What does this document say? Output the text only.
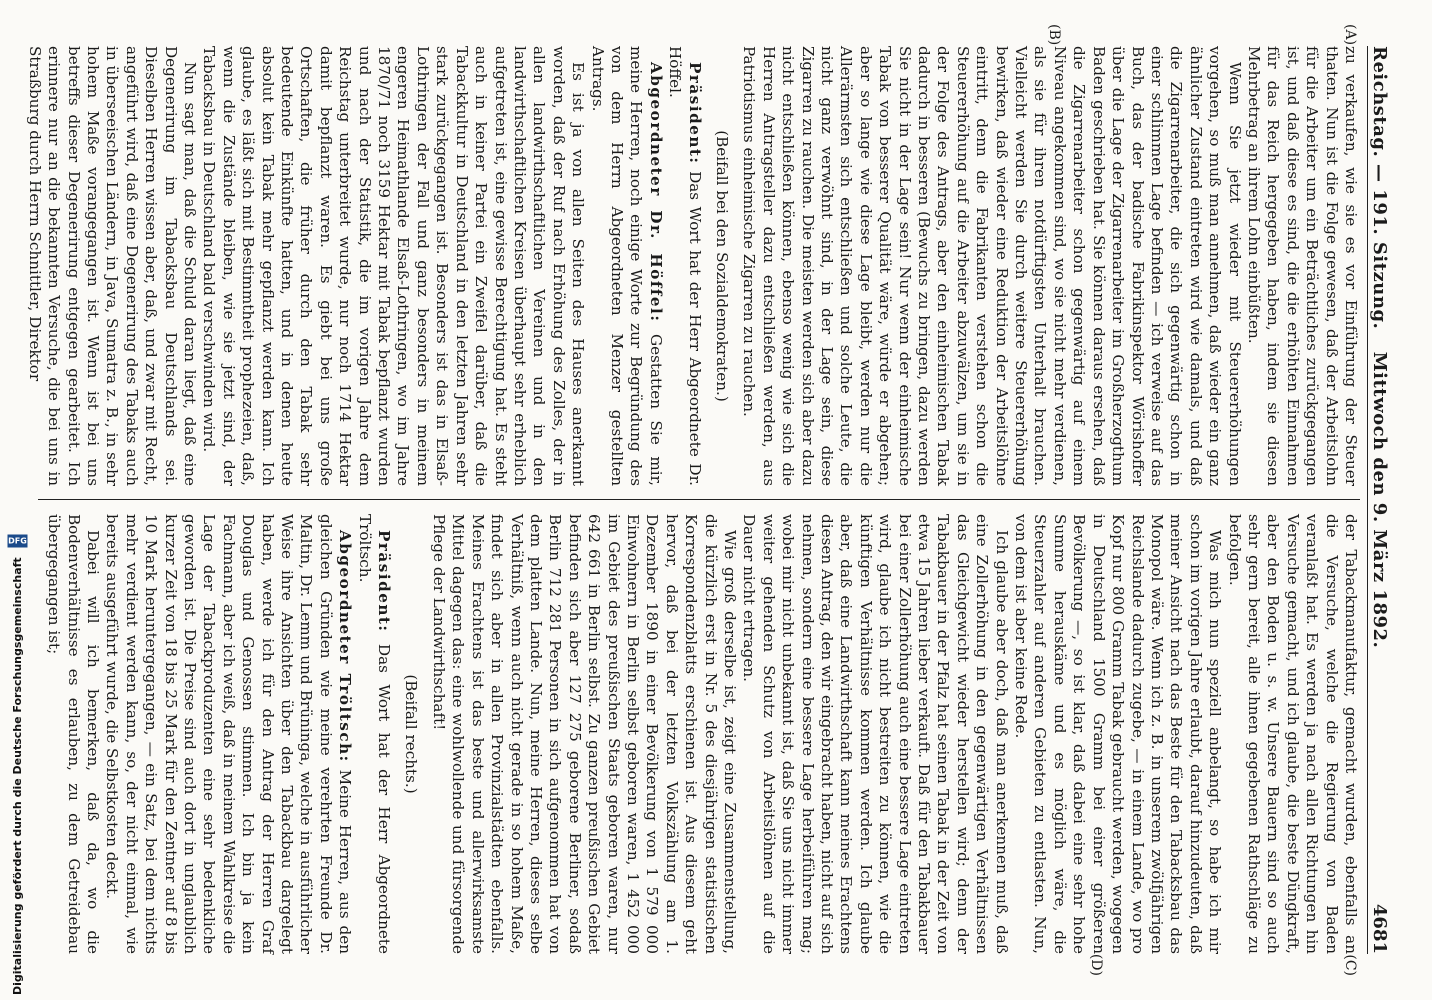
Reichstag. — 191. Sitzung.
Mittwoch den 9. März 1892.
4681
(A)
(B)
(C)
(D)

zu verkaufen, wie sie es vor Einführung der Steuer thaten. Nun ist die Folge gewesen, daß der Arbeitslohn für die Arbeiter um ein Beträchtliches zurückgegangen ist, und daß diese es sind, die die erhöhten Einnahmen für das Reich hergegeben haben, indem sie diesen Mehrbetrag an ihrem Lohn einbüßten.

Wenn Sie jetzt wieder mit Steuererhöhungen vorgehen, so muß man annehmen, daß wieder ein ganz ähnlicher Zustand eintreten wird wie damals, und daß die Zigarrenarbeiter, die sich gegenwärtig schon in einer schlimmen Lage befinden — ich verweise auf das Buch, das der badische Fabrikinspektor Wörishoffer über die Lage der Zigarrenarbeiter im Großherzogthum Baden geschrieben hat. Sie können daraus ersehen, daß die Zigarrenarbeiter schon gegenwärtig auf einem Niveau angekommen sind, wo sie nicht mehr verdienen, als sie für ihren notdürftigsten Unterhalt brauchen. Vielleicht werden Sie durch weitere Steuererhöhung bewirken, daß wieder eine Reduktion der Arbeitslöhne eintritt, denn die Fabrikanten verstehen schon die Steuererhöhung auf die Arbeiter abzuwälzen, um sie in der Folge des Antrags, aber den einheimischen Tabak dadurch in besseren (Bewuchs zu bringen, dazu werden Sie nicht in der Lage sein! Nur wenn der einheimische Tabak von besserer Qualität wäre, würde er abgehen; aber so lange wie diese Lage bleibt, werden nur die Allerärmsten sich entschließen und solche Leute, die nicht ganz verwöhnt sind, in der Lage sein, diese Zigarren zu rauchen. Die meisten werden sich aber dazu nicht entschließen können, ebenso wenig wie sich die Herren Antragsteller dazu entschließen werden, aus Patriotismus einheimische Zigarren zu rauchen.

(Beifall bei den Sozialdemokraten.)

Präsident: Das Wort hat der Herr Abgeordnete Dr. Höffel.

Abgeordneter Dr. Höffel: Gestatten Sie mir, meine Herren, noch einige Worte zur Begründung des von dem Herrn Abgeordneten Menzer gestellten Antrags.

Es ist ja von allen Seiten des Hauses anerkannt worden, daß der Ruf nach Erhöhung des Zolles, der in allen landwirthschaftlichen Vereinen und in den landwirthschaftlichen Kreisen überhaupt sehr erheblich aufgetreten ist, eine gewisse Berechtigung hat. Es steht auch in keiner Partei ein Zweifel darüber, daß die Tabackkultur in Deutschland in den letzten Jahren sehr stark zurückgegangen ist. Besonders ist das in Elsaß-Lothringen der Fall und ganz besonders in meinem engeren Heimathlande Elsaß-Lothringen, wo im Jahre 1870/71 noch 3159 Hektar mit Tabak bepflanzt wurden und nach der Statistik, die im vorigen Jahre dem Reichstag unterbreitet wurde, nur noch 1714 Hektar damit bepflanzt waren. Es giebt bei uns große Ortschaften, die früher durch den Tabak sehr bedeutende Einkünfte hatten, und in denen heute absolut kein Tabak mehr gepflanzt werden kann. Ich glaube, es läßt sich mit Bestimmtheit prophezeien, daß, wenn die Zustände bleiben, wie sie jetzt sind, der Tabacksbau in Deutschland bald verschwinden wird.

Nun sagt man, daß die Schuld daran liegt, daß eine Degenerirung im Tabacksbau Deutschlands sei. Dieselben Herren wissen aber, daß, und zwar mit Recht, angeführt wird, daß eine Degenerirung des Tabaks auch in überseeischen Ländern, in Java, Sumatra z. B., in sehr hohem Maße vorangegangen ist. Wenn ist bei uns betreffs dieser Degenerirung entgegen gearbeitet. Ich erinnere nur an die bekannten Versuche, die bei uns in Straßburg durch Herrn Schnittler, Direktor

der Tabackmanufaktur, gemacht wurden, ebenfalls an die Versuche, welche die Regierung von Baden veranlaßt hat. Es werden ja nach allen Richtungen hin Versuche gemacht, und ich glaube, die beste Düngkraft, aber den Boden u. s. w. Unsere Bauern sind so auch sehr gern bereit, alle ihnen gegebenen Rathschläge zu befolgen.

Was mich nun speziell anbelangt, so habe ich mir schon im vorigen Jahre erlaubt, darauf hinzudeuten, daß meiner Ansicht nach das Beste für den Tabacksbau das Monopol wäre. Wenn ich z. B. in unserem zwölfjährigen Reichslande dadurch zugebe, — in einem Lande, wo pro Kopf nur 800 Gramm Tabak gebraucht werden, wogegen in Deutschland 1500 Gramm bei einer größeren Bevölkerung —, so ist klar, daß dabei eine sehr hohe Summe herauskäme und es möglich wäre, die Steuerzahler auf anderen Gebieten zu entlasten. Nun, von dem ist aber keine Rede.

Ich glaube aber doch, daß man anerkennen muß, daß eine Zollerhöhung in den gegenwärtigen Verhältnissen das Gleichgewicht wieder herstellen wird; denn der Tabakbauer in der Pfalz hat seinen Tabak in der Zeit von etwa 15 Jahren lieber verkauft. Daß für den Tabakbauer bei einer Zollerhöhung auch eine bessere Lage eintreten wird, glaube ich nicht bestreiten zu können, wie die künftigen Verhältnisse kommen werden. Ich glaube aber, daß eine Landwirthschaft kann meines Erachtens diesen Antrag, den wir eingebracht haben, nicht auf sich nehmen, sondern eine bessere Lage herbeiführen mag; wobei mir nicht unbekannt ist, daß Sie uns nicht immer weiter gehenden Schutz von Arbeitslöhnen auf die Dauer nicht ertragen.

Wie groß derselbe ist, zeigt eine Zusammenstellung, die kürzlich erst in Nr. 5 des diesjährigen statistischen Korrespondenzblatts erschienen ist. Aus diesem geht hervor, daß bei der letzten Volkszählung am 1. Dezember 1890 in einer Bevölkerung von 1 579 000 Einwohnern in Berlin selbst geboren waren, 1 452 000 im Gebiet des preußischen Staats geboren waren, nur 642 661 in Berlin selbst. Zu ganzen preußischen Gebiet befinden sich aber 127 275 geborene Berliner, sodaß Berlin 712 281 Personen in sich aufgenommen hat von dem platten Lande. Nun, meine Herren, dieses selbe Verhältniß, wenn auch nicht gerade in so hohem Maße, findet sich aber in allen Provinzialstädten ebenfalls. Meines Erachtens ist das beste und allerwirksamste Mittel dagegen das: eine wohlwollende und fürsorgende Pflege der Landwirthschaft!

(Beifall rechts.)

Präsident: Das Wort hat der Herr Abgeordnete Tröltsch.

Abgeordneter Tröltsch: Meine Herren, aus den gleichen Gründen wie meine verehrten Freunde Dr. Maltin, Dr. Lemm und Brüninga, welche in ausführlicher Weise ihre Ansichten über den Tabackbau dargelegt haben, werde ich für den Antrag der Herren Graf Douglas und Genossen stimmen. Ich bin ja kein Fachmann, aber ich weiß, daß in meinem Wahlkreise die Lage der Tabackproduzenten eine sehr bedenkliche geworden ist. Die Preise sind auch dort in unglaublich kurzer Zeit von 18 bis 25 Mark für den Zentner auf 8 bis 10 Mark heruntergegangen, — ein Satz, bei dem nichts mehr verdient werden kann, so, der nicht einmal, wie bereits ausgeführt wurde, die Selbstkosten deckt.

Dabei will ich bemerken, daß da, wo die Bodenverhältnisse es erlauben, zu dem Getreidebau übergegangen ist;

Digitalisierung gefördert durch die Deutsche Forschungsgemeinschaft
DFG
